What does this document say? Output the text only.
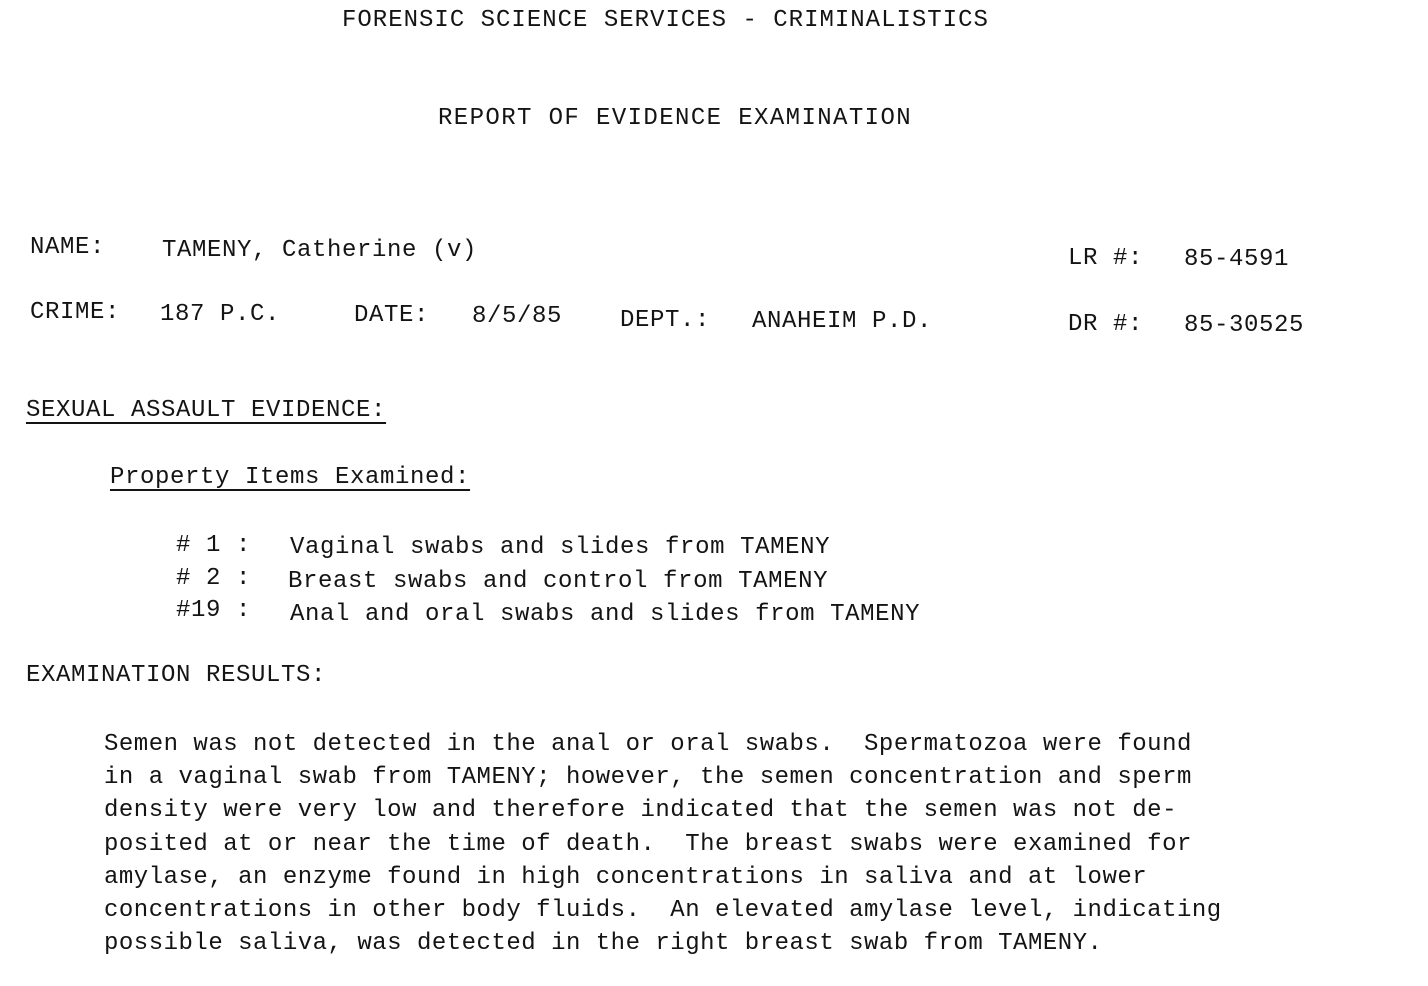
FORENSIC SCIENCE SERVICES - CRIMINALISTICS
REPORT OF EVIDENCE EXAMINATION
NAME: TAMENY, Catherine (v)	LR #: 85-4591
CRIME: 187 P.C.	DATE: 8/5/85 DEPT.: ANAHEIM P.D.	DR #: 85-30525
SEXUAL ASSAULT EVIDENCE:
Property Items Examined:
# 1 : Vaginal swabs and slides from TAMENY
# 2 : Breast swabs and control from TAMENY
#19 : Anal and oral swabs and slides from TAMENY
EXAMINATION RESULTS:
Semen was not detected in the anal or oral swabs.  Spermatozoa were found
in a vaginal swab from TAMENY; however, the semen concentration and sperm
density were very low and therefore indicated that the semen was not de-
posited at or near the time of death.  The breast swabs were examined for
amylase, an enzyme found in high concentrations in saliva and at lower
concentrations in other body fluids.  An elevated amylase level, indicating
possible saliva, was detected in the right breast swab from TAMENY.
